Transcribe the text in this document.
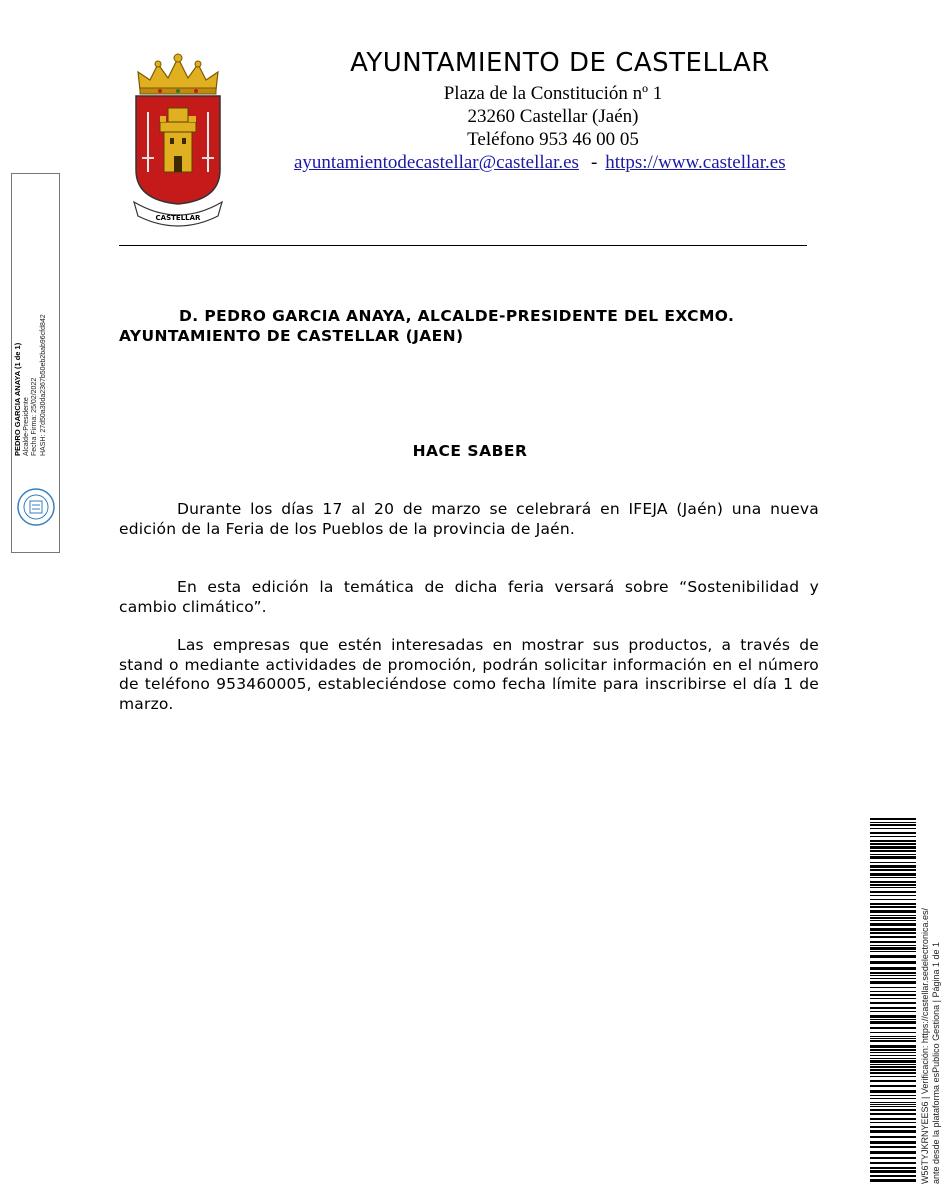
CASTELLAR
AYUNTAMIENTO DE CASTELLAR
Plaza de la Constitución nº 1
23260 Castellar (Jaén)
Teléfono 953 46 00 05
ayuntamientodecastellar@castellar.es - https://www.castellar.es
D. PEDRO GARCIA ANAYA, ALCALDE-PRESIDENTE DEL EXCMO.
AYUNTAMIENTO DE CASTELLAR (JAEN)
HACE SABER

Durante los días 17 al 20 de marzo se celebrará en IFEJA (Jaén) una nueva edición de la Feria de los Pueblos de la provincia de Jaén.

En esta edición la temática de dicha feria versará sobre “Sostenibilidad y cambio climático”.

Las empresas que estén interesadas en mostrar sus productos, a través de stand o mediante actividades de promoción, podrán solicitar información en el número de teléfono 953460005, estableciéndose como fecha límite para inscribirse el día 1 de marzo.

PEDRO GARCIA ANAYA (1 de 1) Alcalde-Presidente Fecha Firma: 25/02/2022 HASH: 27d50a30da2367b50eb2bab96cfd842
W56TYJKRNYEES6 | Verificación: https://castellar.sedelectronica.es/ ante desde la plataforma esPublico Gestiona | Página 1 de 1
